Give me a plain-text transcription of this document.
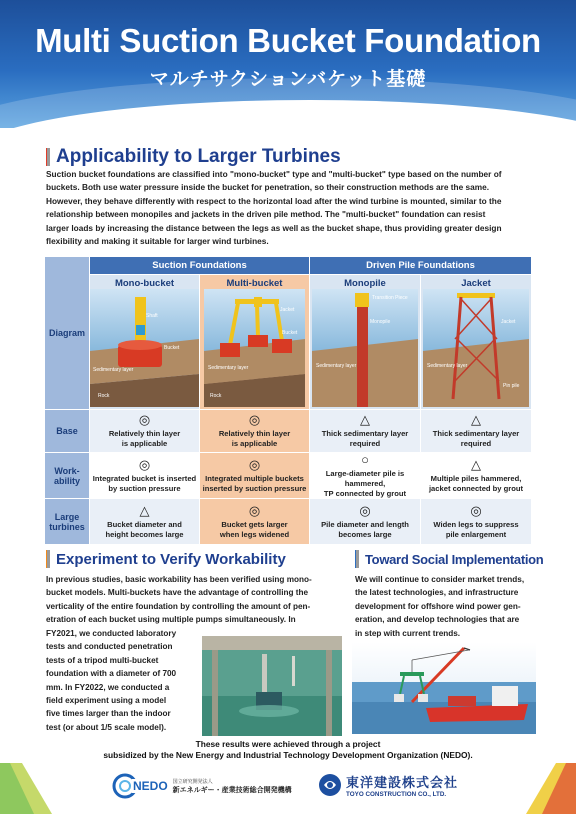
Multi Suction Bucket Foundation
マルチサクションバケット基礎
Applicability to Larger Turbines
Suction bucket foundations are classified into "mono-bucket" type and "multi-bucket" type based on the number of
buckets. Both use water pressure inside the bucket for penetration, so their construction methods are the same.
However, they behave differently with respect to the horizontal load after the wind turbine is mounted, similar to the
relationship between monopiles and jackets in the driven pile method. The "multi-bucket" foundation can resist
larger loads by increasing the distance between the legs as well as the bucket shape, thus providing greater design
flexibility and making it suitable for larger wind turbines.
Diagram
Base
Work-
ability
Large
turbines
Suction Foundations	Driven Pile Foundations
Mono-bucket
Shaft
Bucket
Sedimentary layer
Rock
Multi-bucket
Jacket
Bucket
Sedimentary layer
Rock
Monopile
Transition Piece
Monopile
Sedimentary layer
Jacket
Jacket
Sedimentary layer
Pin pile
◎
Relatively thin layer
is applicable
◎
Relatively thin layer
is applicable
△
Thick sedimentary layer
required
△
Thick sedimentary layer
required
◎
Integrated bucket is inserted
by suction pressure
◎
Integrated multiple buckets
inserted by suction pressure
○
Large-diameter pile is hammered,
TP connected by grout
△
Multiple piles hammered,
jacket connected by grout
△
Bucket diameter and
height becomes large
◎
Bucket gets larger
when legs widened
◎
Pile diameter and length
becomes large
◎
Widen legs to suppress
pile enlargement
Experiment to Verify Workability
In previous studies, basic workability has been verified using mono-
bucket models. Multi-buckets have the advantage of controlling the
verticality of the entire foundation by controlling the amount of pen-
etration of each bucket using multiple pumps simultaneously. In
FY2021, we conducted laboratory
tests and conducted penetration
tests of a tripod multi-bucket
foundation with a diameter of 700
mm. In FY2022, we conducted a
field experiment using a model
five times larger than the indoor
test (or about 1/5 scale model).
Toward Social Implementation
We will continue to consider market trends,
the latest technologies, and infrastructure
development for offshore wind power gen-
eration, and develop technologies that are
in step with current trends.
These results were achieved through a project
subsidized by the New Energy and Industrial Technology Development Organization (NEDO).
NEDO 国立研究開発法人
新エネルギー・産業技術総合開発機構	東洋建設株式会社
TOYO CONSTRUCTION CO., LTD.
